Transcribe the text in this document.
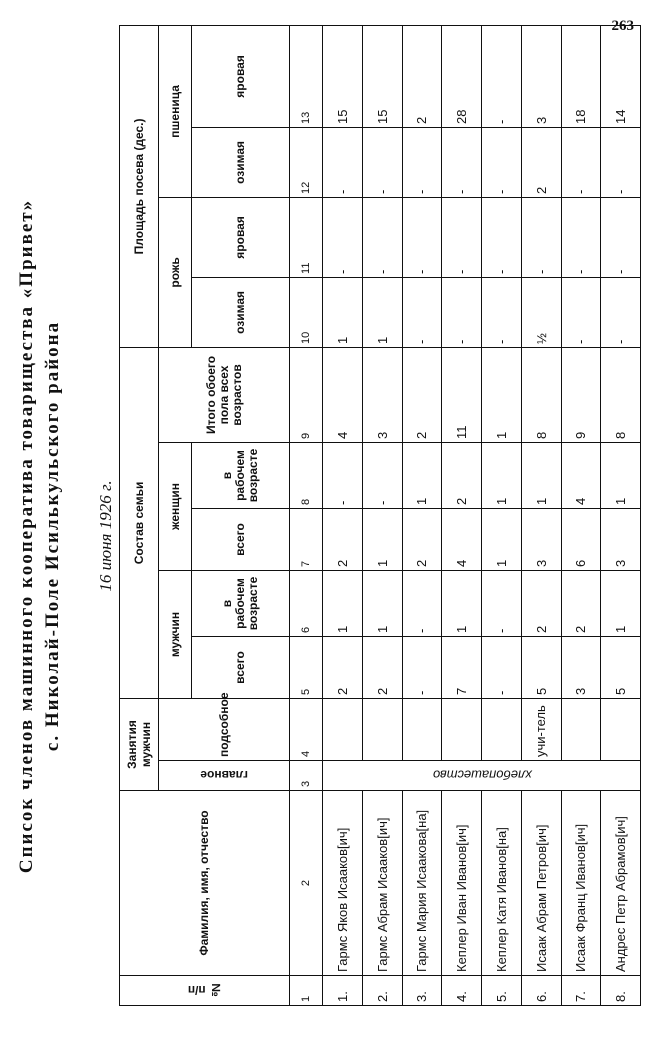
263
Список членов машинного кооператива товарищества «Привет» с. Николай-Поле Исилькульского района 16 июня 1926 г.
№ п/п	Фамилия, имя, отчество	Занятия мужчин		Состав семьи					Площадь посева (дес.)			
		главное	подсобное	мужчин		женщин		Итого обоего пола всех возрастов	рожь		пшеница	
				всего	в рабочем возрасте	всего	в рабочем возрасте		озимая	яровая	озимая	яровая
1	2	3	4	5	6	7	8	9	10	11	12	13
1.	Гармс Яков Исааков[ич]	хлебопашество		2	1	2	-	4	1	-	-	15
2.	Гармс Абрам Исааков[ич]			2	1	1	-	3	1	-	-	15
3.	Гармс Мария Исаакова[на]			-	-	2	1	2	-	-	-	2
4.	Кеплер Иван Иванов[ич]			7	1	4	2	11	-	-	-	28
5.	Кеплер Катя Иванов[на]			-	-	1	1	1	-	-	-	-
6.	Исаак Абрам Петров[ич]		учи-тель	5	2	3	1	8	½	-	2	3
7.	Исаак Франц Иванов[ич]			3	2	6	4	9	-	-	-	18
8.	Андрес Петр Абрамов[ич]			5	1	3	1	8	-	-	-	14
